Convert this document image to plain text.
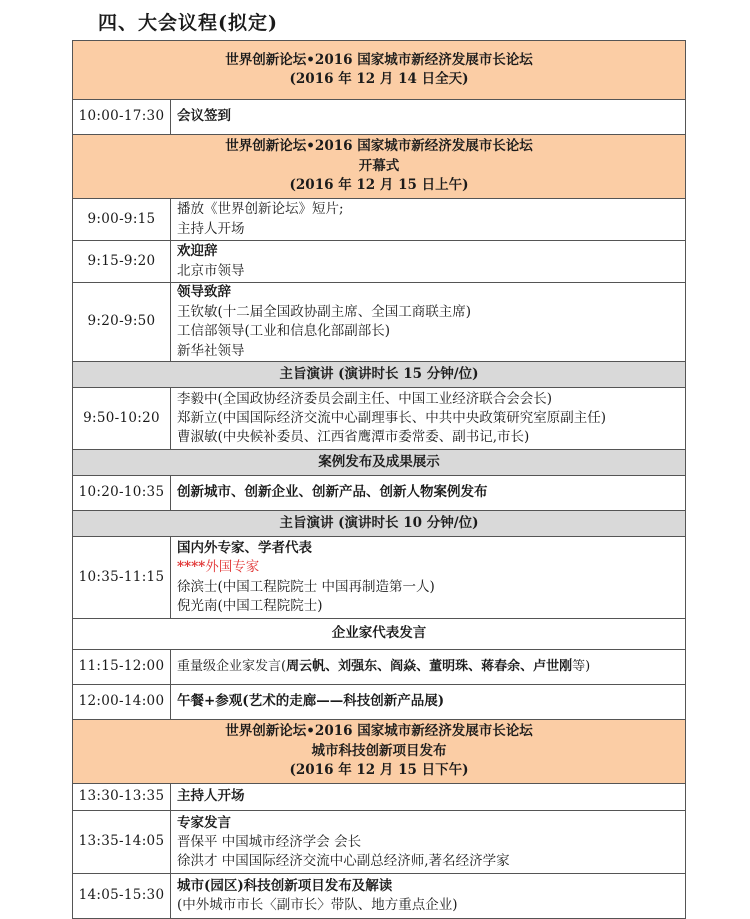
四、大会议程(拟定)
世界创新论坛•2016 国家城市新经济发展市长论坛
(2016 年 12 月 14 日全天)	

10:00-17:30	会议签到

世界创新论坛•2016 国家城市新经济发展市长论坛
开幕式
(2016 年 12 月 15 日上午)	

9:00-9:15	播放《世界创新论坛》短片;
主持人开场

9:15-9:20	欢迎辞
北京市领导

9:20-9:50	领导致辞
王钦敏(十二届全国政协副主席、全国工商联主席)
工信部领导(工业和信息化部副部长)
新华社领导

主旨演讲 (演讲时长 15 分钟/位)	
9:50-10:20	李毅中(全国政协经济委员会副主任、中国工业经济联合会会长)
郑新立(中国国际经济交流中心副理事长、中共中央政策研究室原副主任)
曹淑敏(中央候补委员、江西省鹰潭市委常委、副书记,市长)

案例发布及成果展示	
10:20-10:35	创新城市、创新企业、创新产品、创新人物案例发布
主旨演讲 (演讲时长 10 分钟/位)	
10:35-11:15	国内外专家、学者代表
****外国专家
徐滨士(中国工程院院士 中国再制造第一人)
倪光南(中国工程院院士)

企业家代表发言	
11:15-12:00	重量级企业家发言(周云帆、刘强东、阎焱、董明珠、蒋春余、卢世刚等)
12:00-14:00	午餐+参观(艺术的走廊——科技创新产品展)

世界创新论坛•2016 国家城市新经济发展市长论坛
城市科技创新项目发布
(2016 年 12 月 15 日下午)	

13:30-13:35	主持人开场
13:35-14:05	专家发言
晋保平 中国城市经济学会 会长
徐洪才 中国国际经济交流中心副总经济师,著名经济学家

14:05-15:30	城市(园区)科技创新项目发布及解读
(中外城市市长〈副市长〉带队、地方重点企业)
